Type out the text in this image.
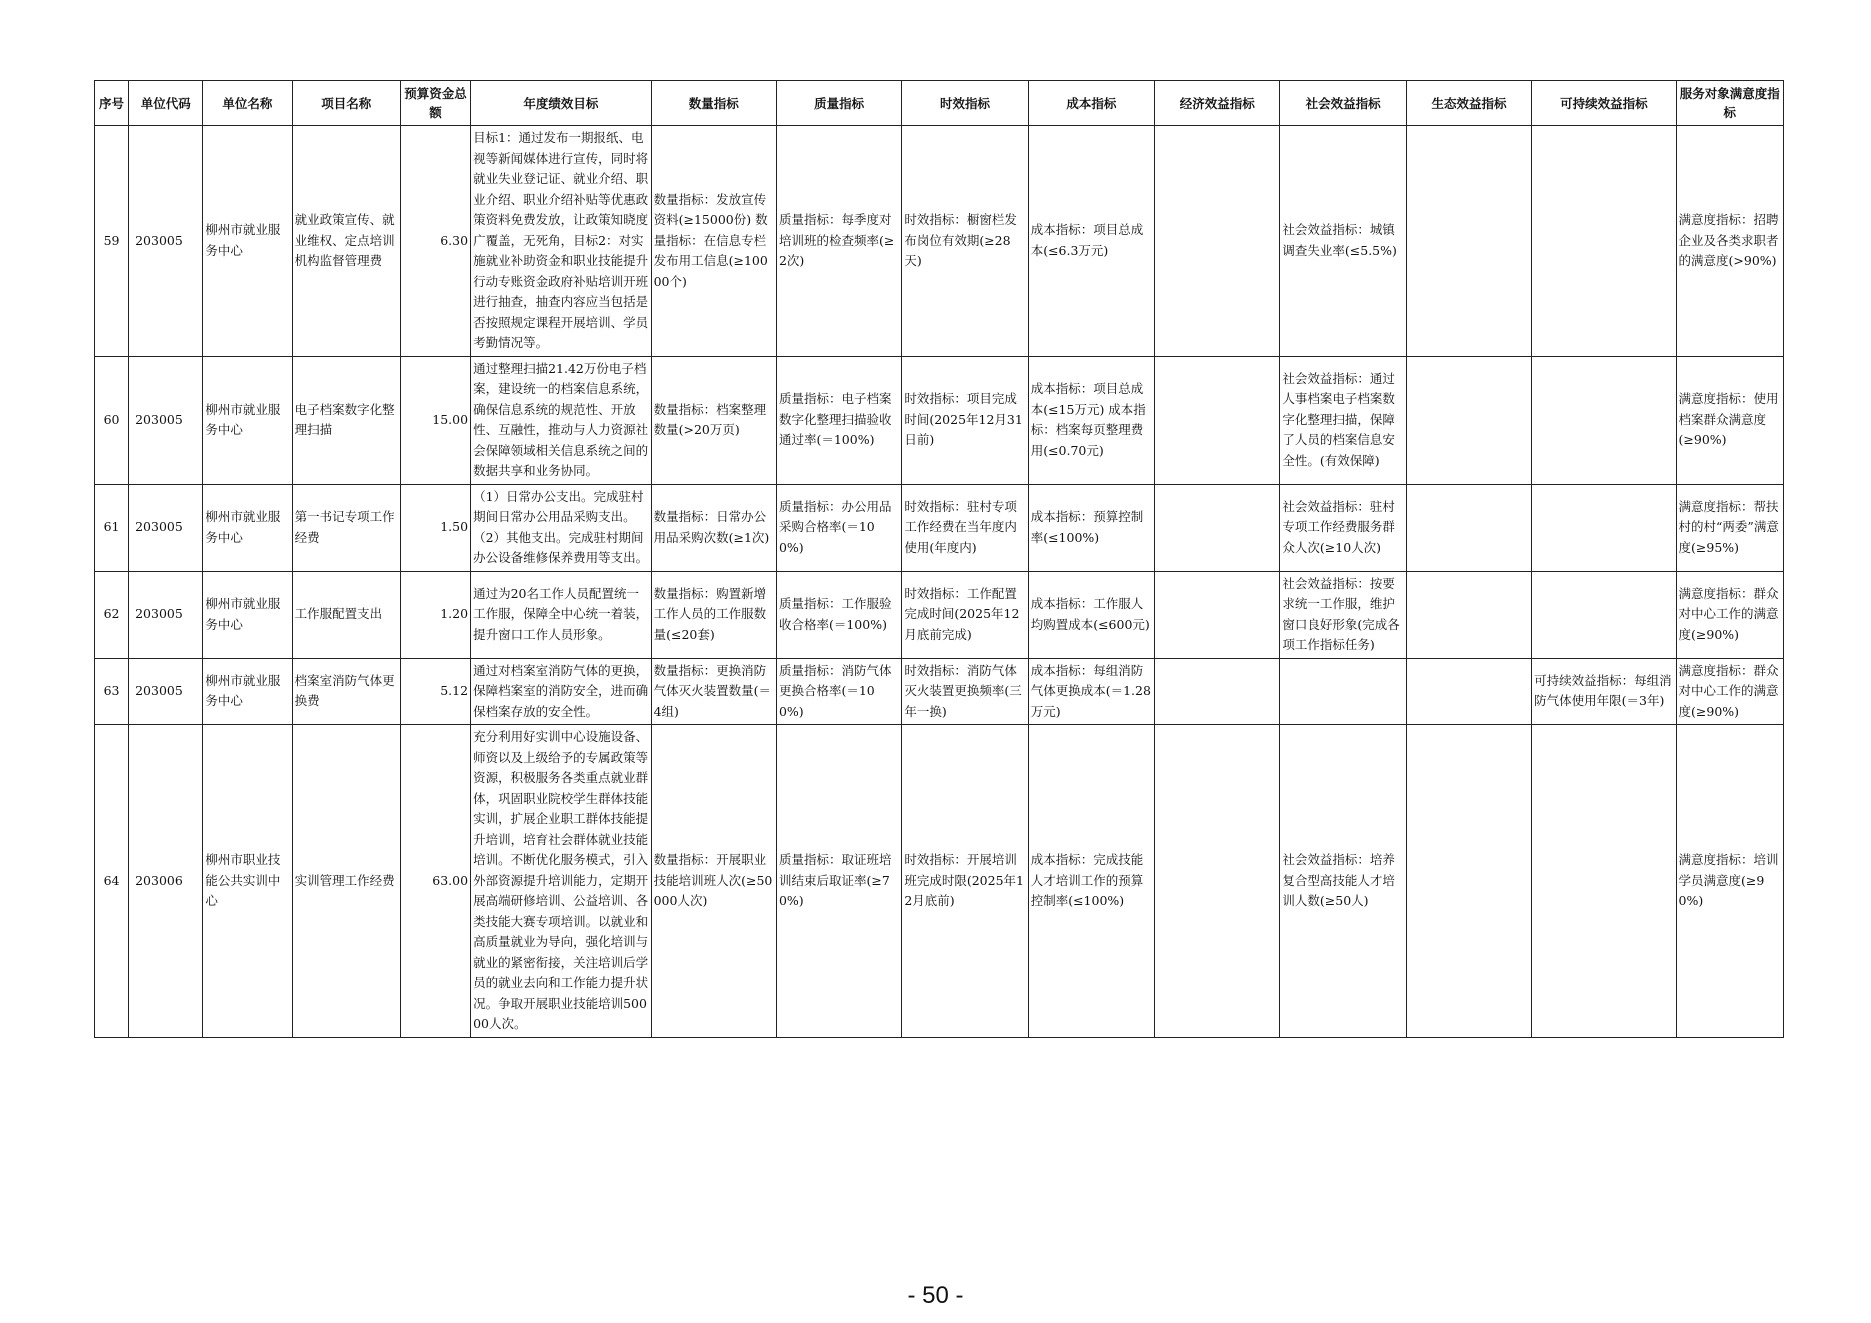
序号	单位代码	单位名称	项目名称	预算资金总额	年度绩效目标	数量指标	质量指标	时效指标	成本指标	经济效益指标	社会效益指标	生态效益指标	可持续效益指标	服务对象满意度指标
59	203005	柳州市就业服务中心	就业政策宣传、就业维权、定点培训机构监督管理费	6.30	目标1：通过发布一期报纸、电视等新闻媒体进行宣传，同时将就业失业登记证、就业介绍、职业介绍、职业介绍补贴等优惠政策资料免费发放，让政策知晓度广覆盖，无死角，目标2：对实施就业补助资金和职业技能提升行动专账资金政府补贴培训开班进行抽查，抽查内容应当包括是否按照规定课程开展培训、学员考勤情况等。	数量指标：发放宣传资料(≥15000份) 数量指标：在信息专栏发布用工信息(≥10000个)	质量指标：每季度对培训班的检查频率(≥2次)	时效指标：橱窗栏发布岗位有效期(≥28天)	成本指标：项目总成本(≤6.3万元)		社会效益指标：城镇调查失业率(≤5.5%)			满意度指标：招聘企业及各类求职者的满意度(>90%)
60	203005	柳州市就业服务中心	电子档案数字化整理扫描	15.00	通过整理扫描21.42万份电子档案，建设统一的档案信息系统，确保信息系统的规范性、开放性、互融性，推动与人力资源社会保障领域相关信息系统之间的数据共享和业务协同。	数量指标：档案整理数量(>20万页)	质量指标：电子档案数字化整理扫描验收通过率(＝100%)	时效指标：项目完成时间(2025年12月31日前)	成本指标：项目总成本(≤15万元) 成本指标：档案每页整理费用(≤0.70元)		社会效益指标：通过人事档案电子档案数字化整理扫描，保障了人员的档案信息安全性。(有效保障)			满意度指标：使用档案群众满意度(≥90%)
61	203005	柳州市就业服务中心	第一书记专项工作经费	1.50	（1）日常办公支出。完成驻村期间日常办公用品采购支出。（2）其他支出。完成驻村期间办公设备维修保养费用等支出。	数量指标：日常办公用品采购次数(≥1次)	质量指标：办公用品采购合格率(＝100%)	时效指标：驻村专项工作经费在当年度内使用(年度内)	成本指标：预算控制率(≤100%)		社会效益指标：驻村专项工作经费服务群众人次(≥10人次)			满意度指标：帮扶村的村“两委”满意度(≥95%)
62	203005	柳州市就业服务中心	工作服配置支出	1.20	通过为20名工作人员配置统一工作服，保障全中心统一着装，提升窗口工作人员形象。	数量指标：购置新增工作人员的工作服数量(≤20套)	质量指标：工作服验收合格率(＝100%)	时效指标：工作配置完成时间(2025年12月底前完成)	成本指标：工作服人均购置成本(≤600元)		社会效益指标：按要求统一工作服，维护窗口良好形象(完成各项工作指标任务)			满意度指标：群众对中心工作的满意度(≥90%)
63	203005	柳州市就业服务中心	档案室消防气体更换费	5.12	通过对档案室消防气体的更换，保障档案室的消防安全，进而确保档案存放的安全性。	数量指标：更换消防气体灭火装置数量(＝4组)	质量指标：消防气体更换合格率(＝100%)	时效指标：消防气体灭火装置更换频率(三年一换)	成本指标：每组消防气体更换成本(＝1.28万元)				可持续效益指标：每组消防气体使用年限(＝3年)	满意度指标：群众对中心工作的满意度(≥90%)
64	203006	柳州市职业技能公共实训中心	实训管理工作经费	63.00	充分利用好实训中心设施设备、师资以及上级给予的专属政策等资源，积极服务各类重点就业群体，巩固职业院校学生群体技能实训，扩展企业职工群体技能提升培训，培育社会群体就业技能培训。不断优化服务模式，引入外部资源提升培训能力，定期开展高端研修培训、公益培训、各类技能大赛专项培训。以就业和高质量就业为导向，强化培训与就业的紧密衔接，关注培训后学员的就业去向和工作能力提升状况。争取开展职业技能培训50000人次。	数量指标：开展职业技能培训班人次(≥50000人次)	质量指标：取证班培训结束后取证率(≥70%)	时效指标：开展培训班完成时限(2025年12月底前)	成本指标：完成技能人才培训工作的预算控制率(≤100%)		社会效益指标：培养复合型高技能人才培训人数(≥50人)			满意度指标：培训学员满意度(≥90%)
- 50 -
